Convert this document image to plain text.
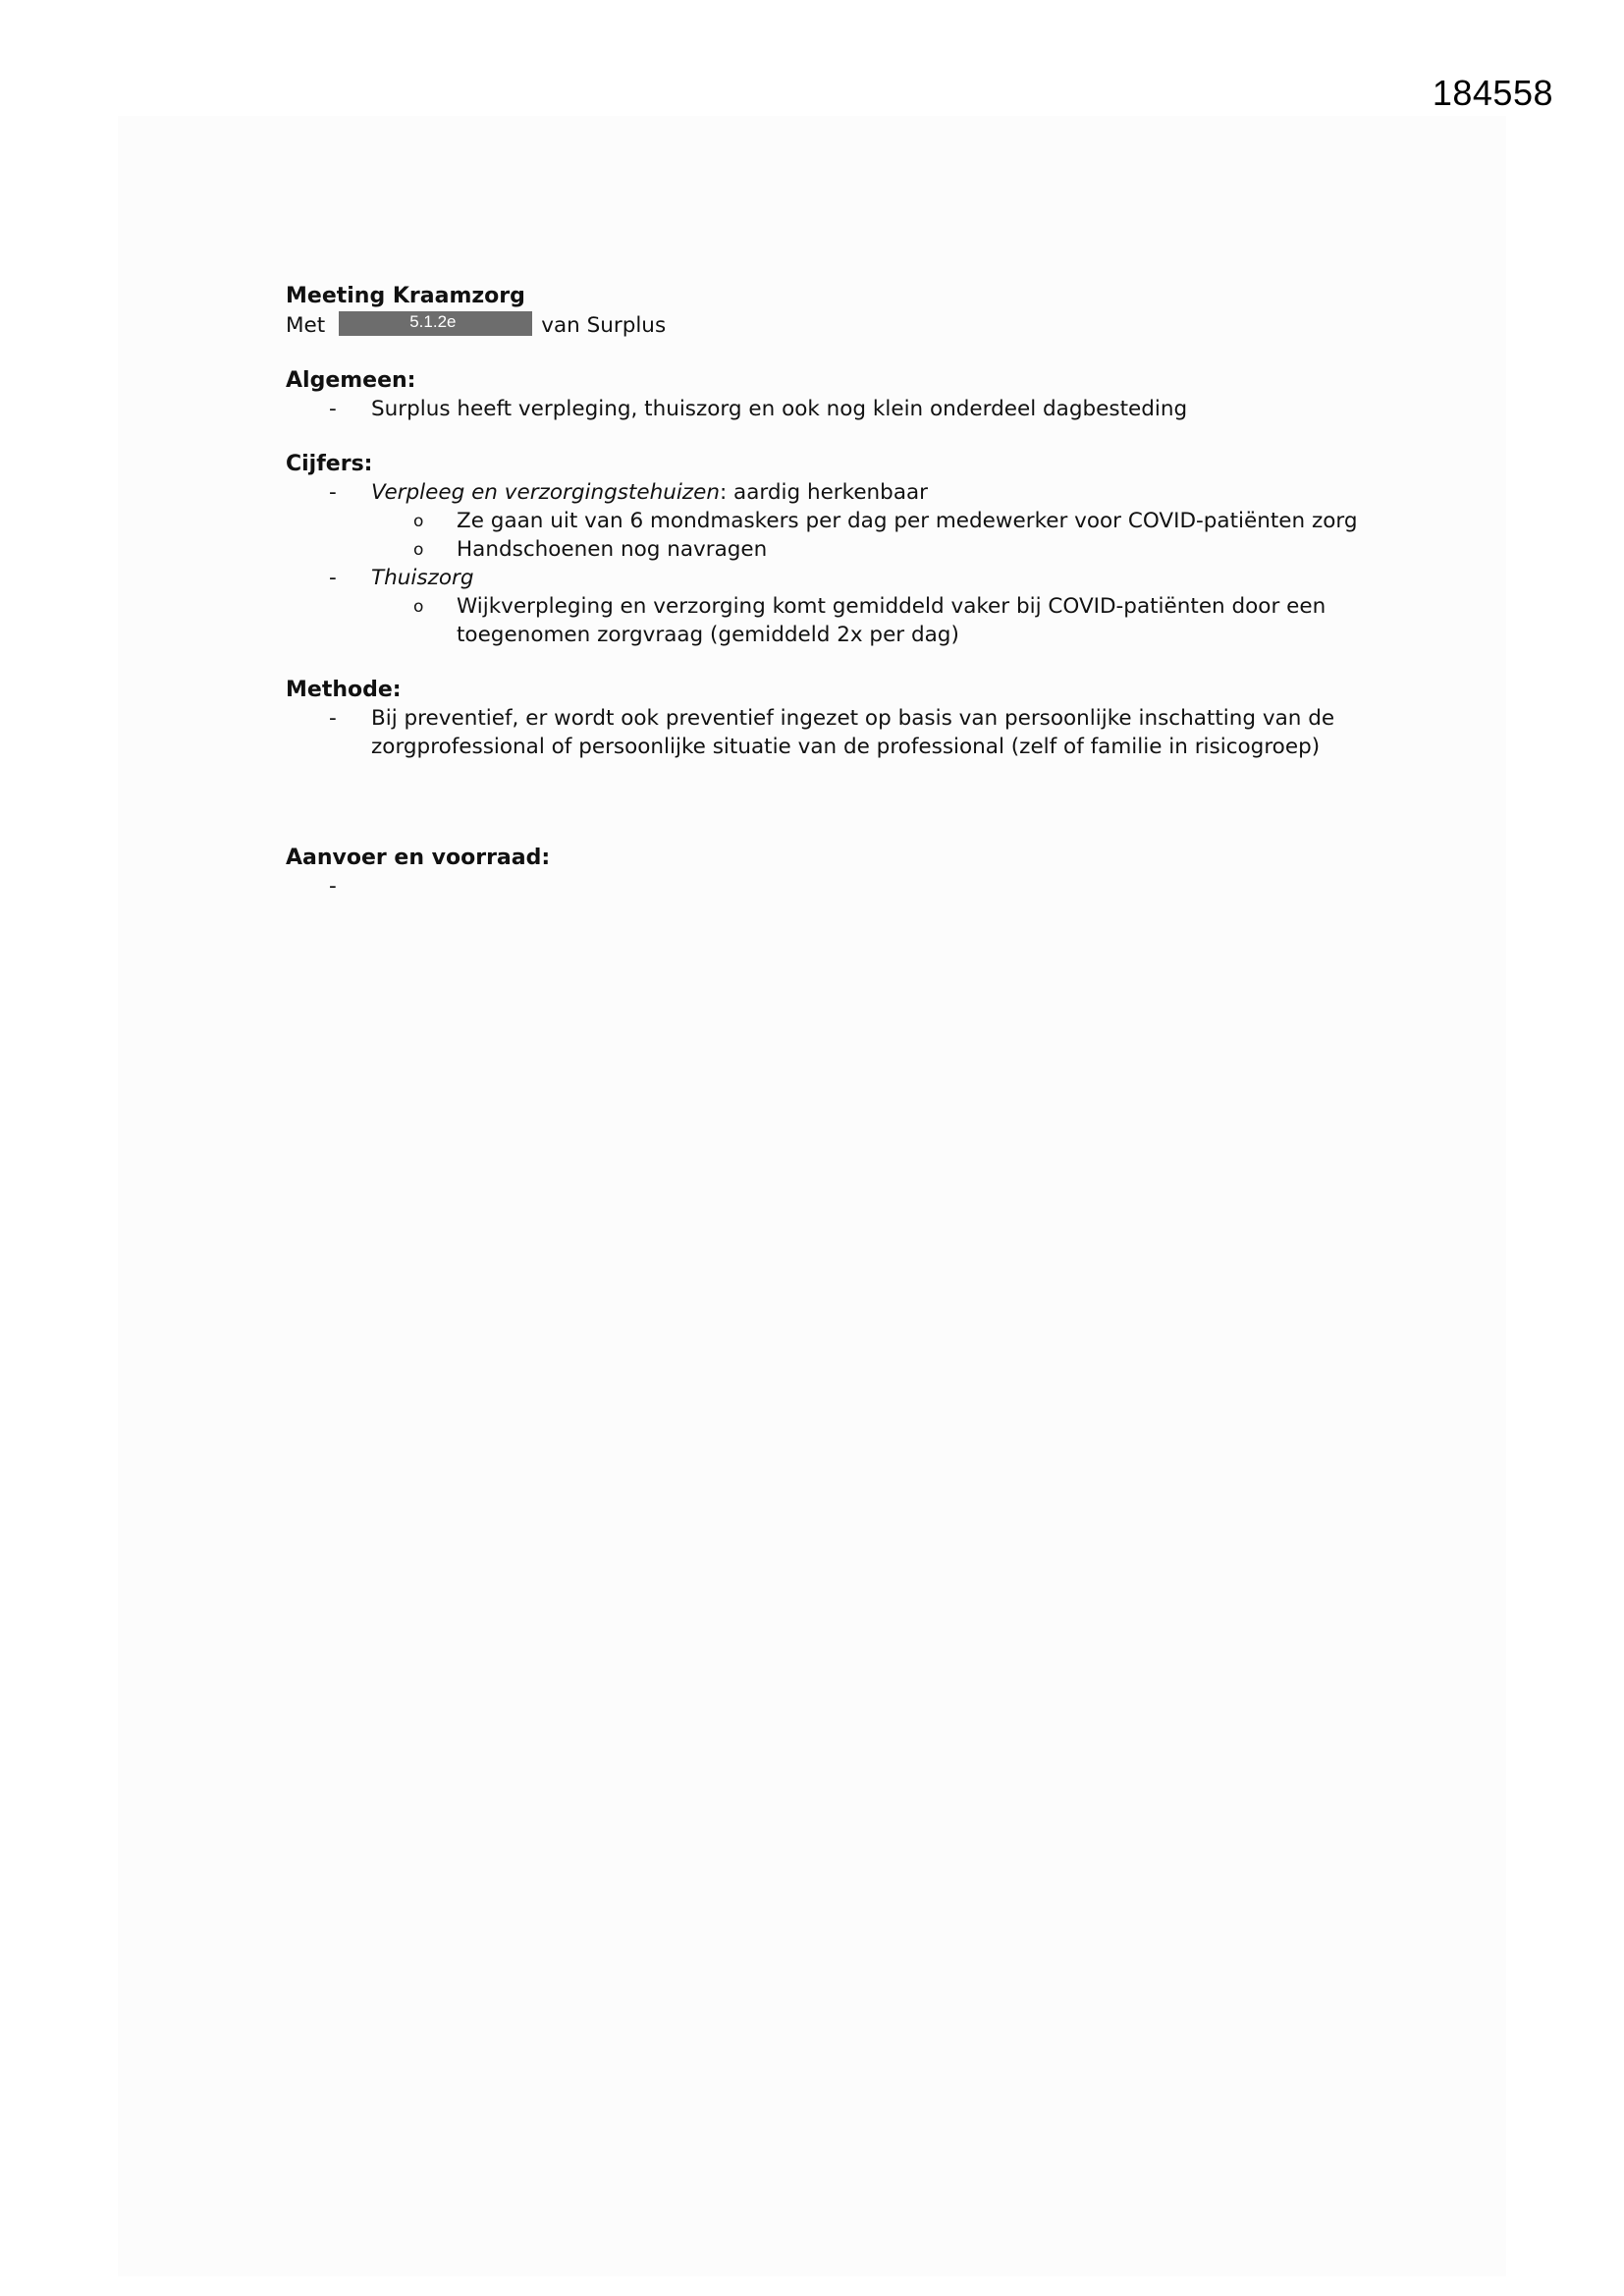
184558
Meeting Kraamzorg
Met	5.1.2e	van Surplus
Algemeen:
- Surplus heeft verpleging, thuiszorg en ook nog klein onderdeel dagbesteding
Cijfers:
- Verpleeg en verzorgingstehuizen: aardig herkenbaar
o Ze gaan uit van 6 mondmaskers per dag per medewerker voor COVID-patiënten zorg
o Handschoenen nog navragen
- Thuiszorg
o Wijkverpleging en verzorging komt gemiddeld vaker bij COVID-patiënten door een toegenomen zorgvraag (gemiddeld 2x per dag)
Methode:
- Bij preventief, er wordt ook preventief ingezet op basis van persoonlijke inschatting van de zorgprofessional of persoonlijke situatie van de professional (zelf of familie in risicogroep)
Aanvoer en voorraad:
-
